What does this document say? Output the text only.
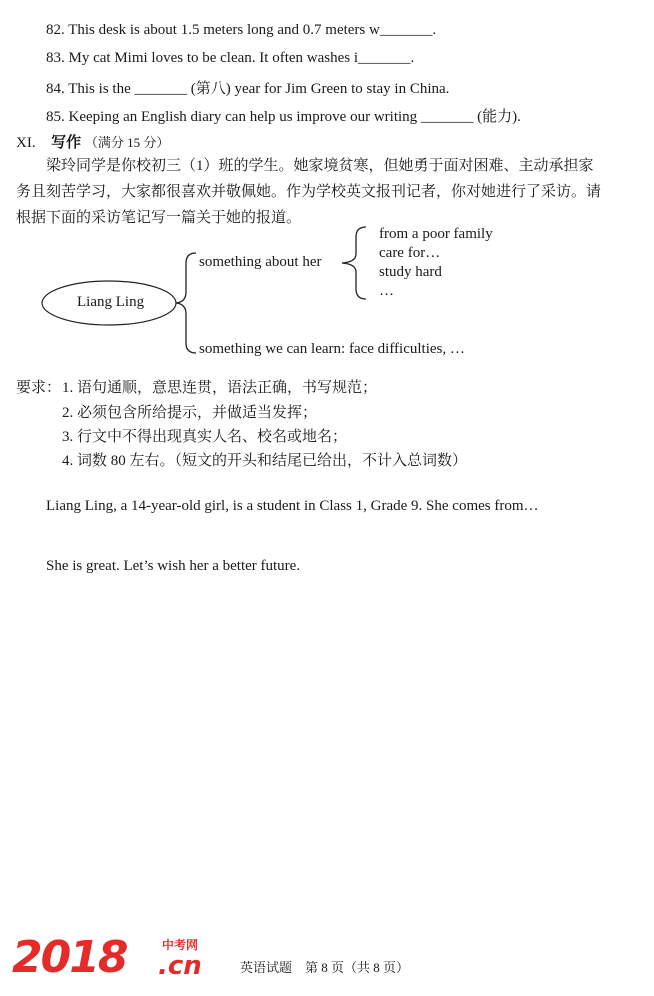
82. This desk is about 1.5 meters long and 0.7 meters w_______.
83. My cat Mimi loves to be clean. It often washes i_______.
84. This is the _______ (第八) year for Jim Green to stay in China.
85. Keeping an English diary can help us improve our writing _______ (能力).
XI. 写作 （满分 15 分）
梁玲同学是你校初三（1）班的学生。她家境贫寒，但她勇于面对困难、主动承担家
务且刻苦学习，大家都很喜欢并敬佩她。作为学校英文报刊记者，你对她进行了采访。请
根据下面的采访笔记写一篇关于她的报道。
Liang Ling
something about her
something we can learn: face difficulties, …
from a poor family
care for…
study hard
…
要求： 1. 语句通顺，意思连贯，语法正确，书写规范；
2. 必须包含所给提示，并做适当发挥；
3. 行文中不得出现真实人名、校名或地名；
4. 词数 80 左右。（短文的开头和结尾已给出，不计入总词数）
Liang Ling, a 14-year-old girl, is a student in Class 1, Grade 9. She comes from…
She is great. Let’s wish her a better future.
2018	中考网
.cn	英语试题　第 8 页（共 8 页）
